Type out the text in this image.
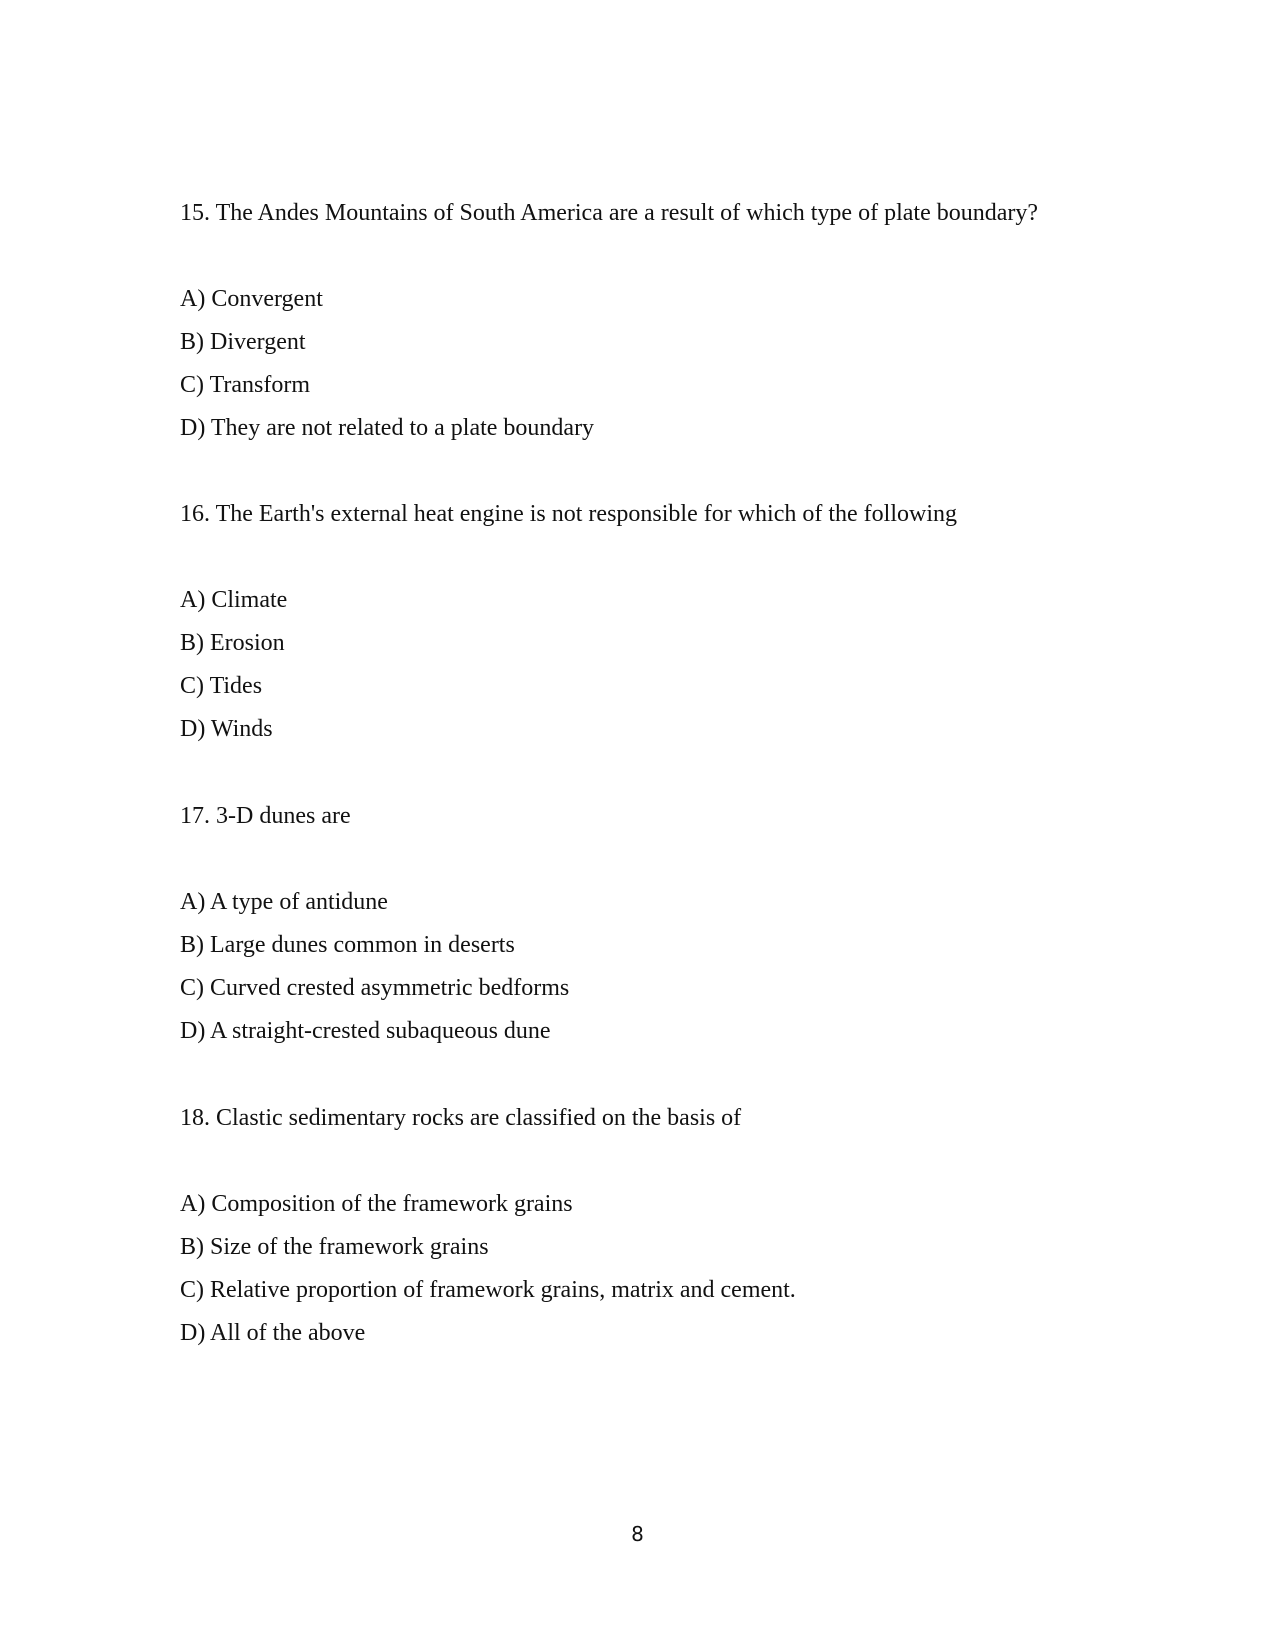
15. The Andes Mountains of South America are a result of which type of plate boundary?

A) Convergent
B) Divergent
C) Transform
D) They are not related to a plate boundary

16. The Earth's external heat engine is not responsible for which of the following

A) Climate
B) Erosion
C) Tides
D) Winds

17. 3-D dunes are

A) A type of antidune
B) Large dunes common in deserts
C) Curved crested asymmetric bedforms
D) A straight-crested subaqueous dune

18. Clastic sedimentary rocks are classified on the basis of

A) Composition of the framework grains
B) Size of the framework grains
C) Relative proportion of framework grains, matrix and cement.
D) All of the above
8
